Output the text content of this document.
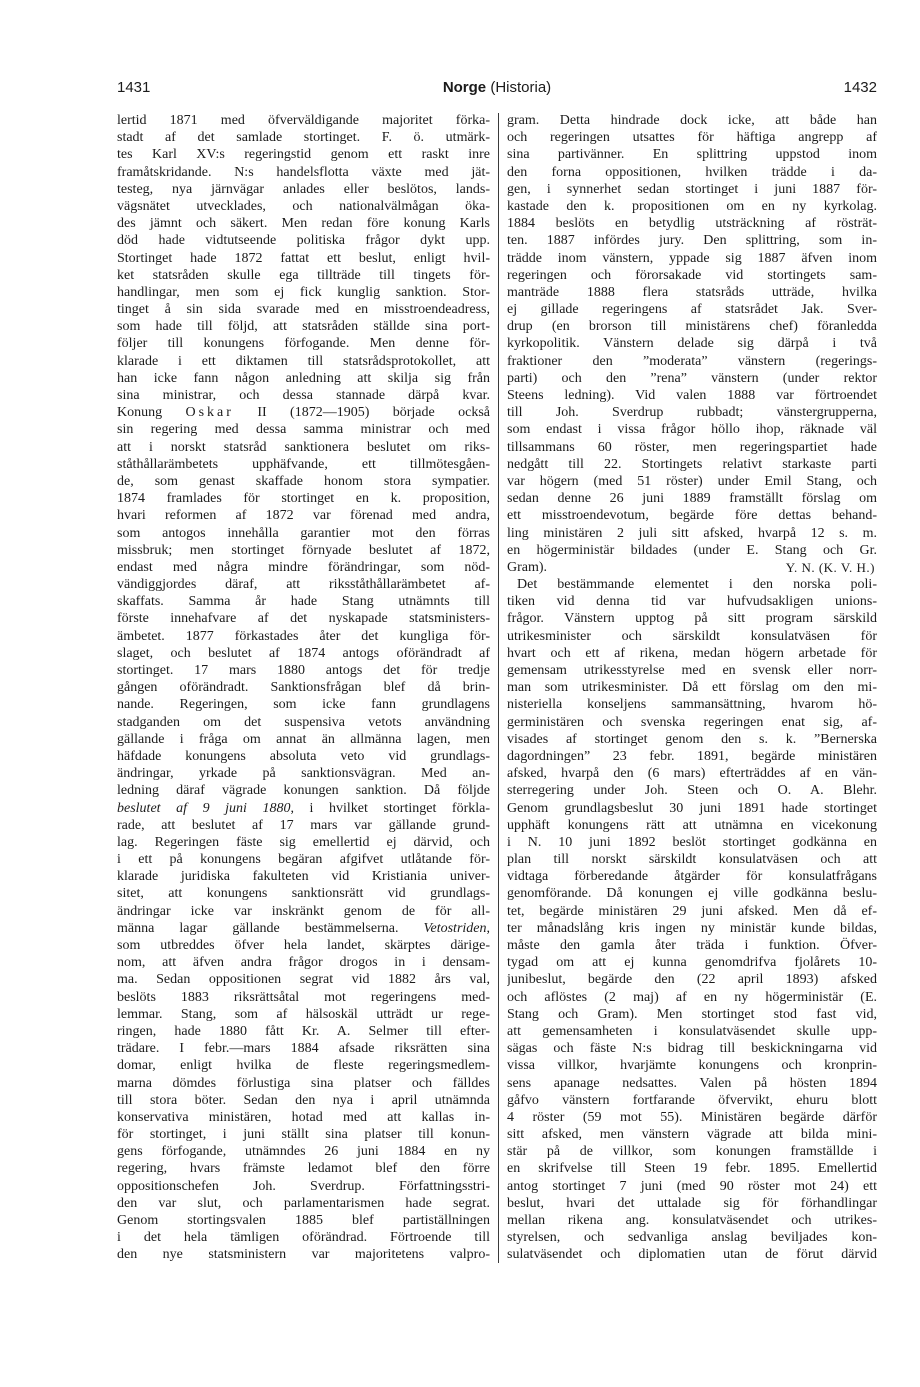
1431	Norge (Historia)	1432
lertid 1871 med öfverväldigande majoritet förka-
stadt af det samlade stortinget. F. ö. utmärk-
tes Karl XV:s regeringstid genom ett raskt inre
framåtskridande. N:s handelsflotta växte med jät-
testeg, nya järnvägar anlades eller beslötos, lands-
vägsnätet utvecklades, och nationalvälmågan öka-
des jämnt och säkert. Men redan före konung Karls
död hade vidtutseende politiska frågor dykt upp.
Stortinget hade 1872 fattat ett beslut, enligt hvil-
ket statsråden skulle ega tillträde till tingets för-
handlingar, men som ej fick kunglig sanktion. Stor-
tinget å sin sida svarade med en misstroendeadress,
som hade till följd, att statsråden ställde sina port-
följer till konungens förfogande. Men denne för-
klarade i ett diktamen till statsrådsprotokollet, att
han icke fann någon anledning att skilja sig från
sina ministrar, och dessa stannade därpå kvar.
Konung Oskar II (1872—1905) började också
sin regering med dessa samma ministrar och med
att i norskt statsråd sanktionera beslutet om riks-
ståthållarämbetets upphäfvande, ett tillmötesgåen-
de, som genast skaffade honom stora sympatier.
1874 framlades för stortinget en k. proposition,
hvari reformen af 1872 var förenad med andra,
som antogos innehålla garantier mot den förras
missbruk; men stortinget förnyade beslutet af 1872,
endast med några mindre förändringar, som nöd-
vändiggjordes däraf, att riksståthållarämbetet af-
skaffats. Samma år hade Stang utnämnts till
förste innehafvare af det nyskapade statsministers-
ämbetet. 1877 förkastades åter det kungliga för-
slaget, och beslutet af 1874 antogs oförändradt af
stortinget. 17 mars 1880 antogs det för tredje
gången oförändradt. Sanktionsfrågan blef då brin-
nande. Regeringen, som icke fann grundlagens
stadganden om det suspensiva vetots användning
gällande i fråga om annat än allmänna lagen, men
häfdade konungens absoluta veto vid grundlags-
ändringar, yrkade på sanktionsvägran. Med an-
ledning däraf vägrade konungen sanktion. Då följde
beslutet af 9 juni 1880, i hvilket stortinget förkla-
rade, att beslutet af 17 mars var gällande grund-
lag. Regeringen fäste sig emellertid ej därvid, och
i ett på konungens begäran afgifvet utlåtande för-
klarade juridiska fakulteten vid Kristiania univer-
sitet, att konungens sanktionsrätt vid grundlags-
ändringar icke var inskränkt genom de för all-
männa lagar gällande bestämmelserna. Vetostriden,
som utbreddes öfver hela landet, skärptes därige-
nom, att äfven andra frågor drogos in i densam-
ma. Sedan oppositionen segrat vid 1882 års val,
beslöts 1883 riksrättsåtal mot regeringens med-
lemmar. Stang, som af hälsoskäl utträdt ur rege-
ringen, hade 1880 fått Kr. A. Selmer till efter-
trädare. I febr.—mars 1884 afsade riksrätten sina
domar, enligt hvilka de fleste regeringsmedlem-
marna dömdes förlustiga sina platser och fälldes
till stora böter. Sedan den nya i april utnämnda
konservativa ministären, hotad med att kallas in-
för stortinget, i juni ställt sina platser till konun-
gens förfogande, utnämndes 26 juni 1884 en ny
regering, hvars främste ledamot blef den förre
oppositionschefen Joh. Sverdrup. Författningsstri-
den var slut, och parlamentarismen hade segrat.
Genom stortingsvalen 1885 blef partiställningen
i det hela tämligen oförändrad. Förtroende till
den nye statsministern var majoritetens valpro-
gram. Detta hindrade dock icke, att både han
och regeringen utsattes för häftiga angrepp af
sina partivänner. En splittring uppstod inom
den forna oppositionen, hvilken trädde i da-
gen, i synnerhet sedan stortinget i juni 1887 för-
kastade den k. propositionen om en ny kyrkolag.
1884 beslöts en betydlig utsträckning af rösträt-
ten. 1887 infördes jury. Den splittring, som in-
trädde inom vänstern, yppade sig 1887 äfven inom
regeringen och förorsakade vid stortingets sam-
manträde 1888 flera statsråds utträde, hvilka
ej gillade regeringens af statsrådet Jak. Sver-
drup (en brorson till ministärens chef) föranledda
kyrkopolitik. Vänstern delade sig därpå i två
fraktioner den ”moderata” vänstern (regerings-
parti) och den ”rena” vänstern (under rektor
Steens ledning). Vid valen 1888 var förtroendet
till Joh. Sverdrup rubbadt; vänstergrupperna,
som endast i vissa frågor höllo ihop, räknade väl
tillsammans 60 röster, men regeringspartiet hade
nedgått till 22. Stortingets relativt starkaste parti
var högern (med 51 röster) under Emil Stang, och
sedan denne 26 juni 1889 framställt förslag om
ett misstroendevotum, begärde före dettas behand-
ling ministären 2 juli sitt afsked, hvarpå 12 s. m.
en högerministär bildades (under E. Stang och Gr.
Gram).	Y. N. (K. V. H.)
Det bestämmande elementet i den norska poli-
tiken vid denna tid var hufvudsakligen unions-
frågor. Vänstern upptog på sitt program särskild
utrikesminister och särskildt konsulatväsen för
hvart och ett af rikena, medan högern arbetade för
gemensam utrikesstyrelse med en svensk eller norr-
man som utrikesminister. Då ett förslag om den mi-
nisteriella konseljens sammansättning, hvarom hö-
gerministären och svenska regeringen enat sig, af-
visades af stortinget genom den s. k. ”Bernerska
dagordningen” 23 febr. 1891, begärde ministären
afsked, hvarpå den (6 mars) efterträddes af en vän-
sterregering under Joh. Steen och O. A. Blehr.
Genom grundlagsbeslut 30 juni 1891 hade stortinget
upphäft konungens rätt att utnämna en vicekonung
i N. 10 juni 1892 beslöt stortinget godkänna en
plan till norskt särskildt konsulatväsen och att
vidtaga förberedande åtgärder för konsulatfrågans
genomförande. Då konungen ej ville godkänna beslu-
tet, begärde ministären 29 juni afsked. Men då ef-
ter månadslång kris ingen ny ministär kunde bildas,
måste den gamla åter träda i funktion. Öfver-
tygad om att ej kunna genomdrifva fjolårets 10-
junibeslut, begärde den (22 april 1893) afsked
och aflöstes (2 maj) af en ny högerministär (E.
Stang och Gram). Men stortinget stod fast vid,
att gemensamheten i konsulatväsendet skulle upp-
sägas och fäste N:s bidrag till beskickningarna vid
vissa villkor, hvarjämte konungens och kronprin-
sens apanage nedsattes. Valen på hösten 1894
gåfvo vänstern fortfarande öfvervikt, ehuru blott
4 röster (59 mot 55). Ministären begärde därför
sitt afsked, men vänstern vägrade att bilda mini-
stär på de villkor, som konungen framställde i
en skrifvelse till Steen 19 febr. 1895. Emellertid
antog stortinget 7 juni (med 90 röster mot 24) ett
beslut, hvari det uttalade sig för förhandlingar
mellan rikena ang. konsulatväsendet och utrikes-
styrelsen, och sedvanliga anslag beviljades kon-
sulatväsendet och diplomatien utan de förut därvid
